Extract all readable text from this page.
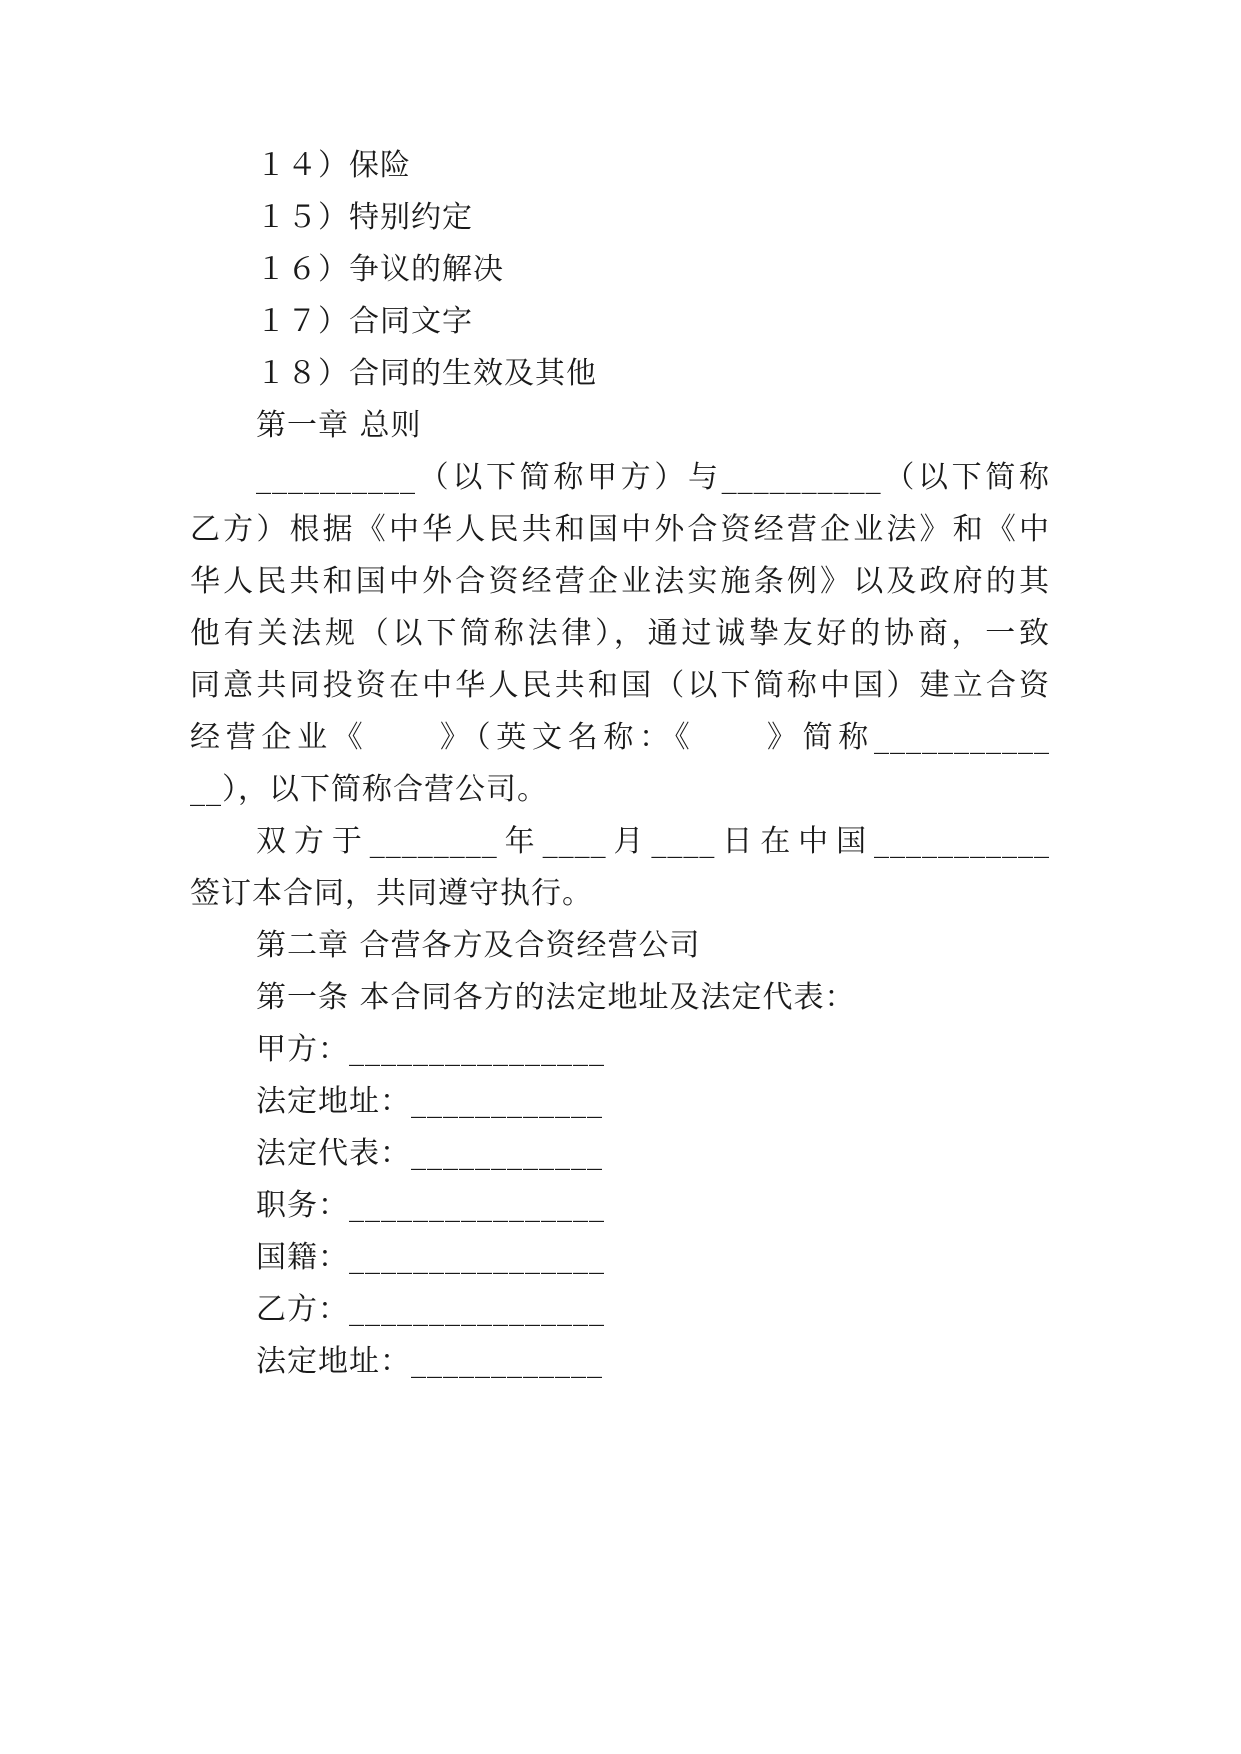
１４）保险
１５）特别约定
１６）争议的解决
１７）合同文字
１８）合同的生效及其他
第一章 总则
__________（以下简称甲方）与__________（以下简称
乙方）根据《中华人民共和国中外合资经营企业法》和《中
华人民共和国中外合资经营企业法实施条例》以及政府的其
他有关法规（以下简称法律），通过诚挚友好的协商，一致
同意共同投资在中华人民共和国（以下简称中国）建立合资
经营企业《　　》（英文名称：《　　》简称___________
__），以下简称合营公司。
双方于________年____月____日在中国___________
签订本合同，共同遵守执行。
第二章 合营各方及合资经营公司
第一条 本合同各方的法定地址及法定代表：
甲方：________________
法定地址：____________
法定代表：____________
职务：________________
国籍：________________
乙方：________________
法定地址：____________
